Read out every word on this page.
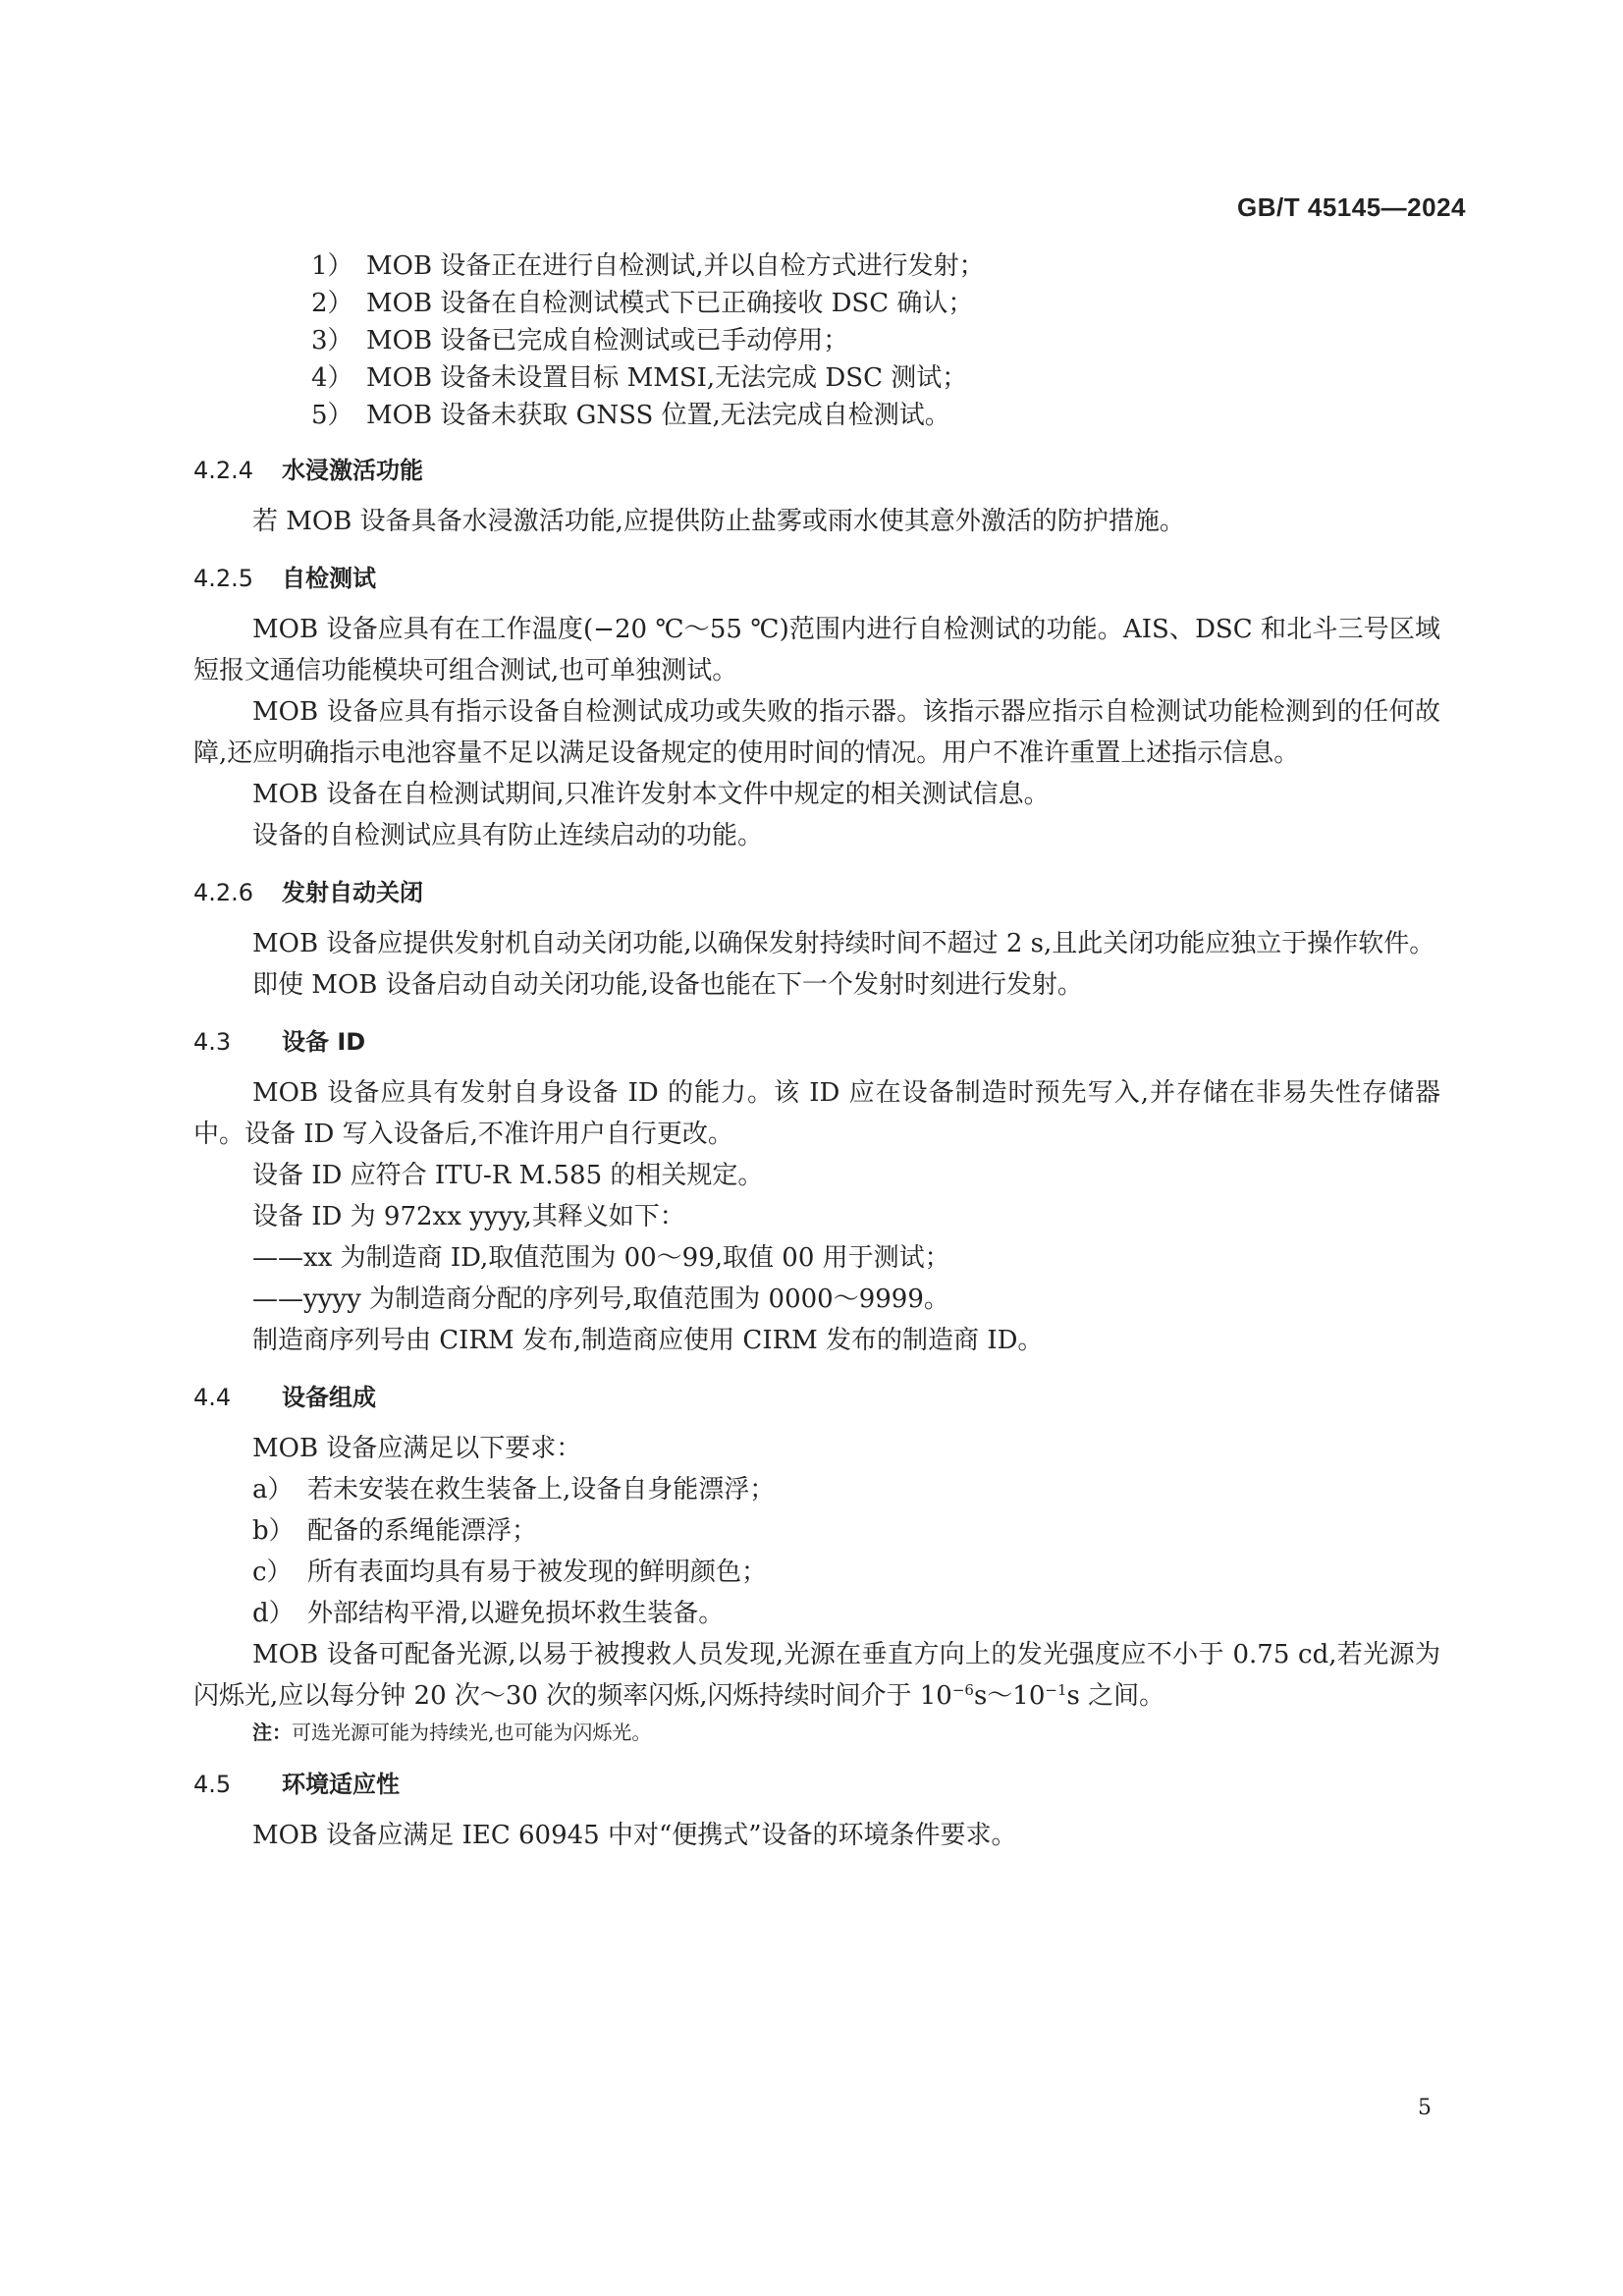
GB/T 45145—2024
1） MOB 设备正在进行自检测试,并以自检方式进行发射；
2） MOB 设备在自检测试模式下已正确接收 DSC 确认；
3） MOB 设备已完成自检测试或已手动停用；
4） MOB 设备未设置目标 MMSI,无法完成 DSC 测试；
5） MOB 设备未获取 GNSS 位置,无法完成自检测试。
4.2.4 水浸激活功能
若 MOB 设备具备水浸激活功能,应提供防止盐雾或雨水使其意外激活的防护措施。
4.2.5 自检测试
MOB 设备应具有在工作温度(−20 ℃～55 ℃)范围内进行自检测试的功能。AIS、DSC 和北斗三号区域短报文通信功能模块可组合测试,也可单独测试。
MOB 设备应具有指示设备自检测试成功或失败的指示器。该指示器应指示自检测试功能检测到的任何故障,还应明确指示电池容量不足以满足设备规定的使用时间的情况。用户不准许重置上述指示信息。
MOB 设备在自检测试期间,只准许发射本文件中规定的相关测试信息。
设备的自检测试应具有防止连续启动的功能。
4.2.6 发射自动关闭
MOB 设备应提供发射机自动关闭功能,以确保发射持续时间不超过 2 s,且此关闭功能应独立于操作软件。
即使 MOB 设备启动自动关闭功能,设备也能在下一个发射时刻进行发射。
4.3 设备 ID
MOB 设备应具有发射自身设备 ID 的能力。该 ID 应在设备制造时预先写入,并存储在非易失性存储器中。设备 ID 写入设备后,不准许用户自行更改。
设备 ID 应符合 ITU-R M.585 的相关规定。
设备 ID 为 972xx yyyy,其释义如下：
——xx 为制造商 ID,取值范围为 00～99,取值 00 用于测试；
——yyyy 为制造商分配的序列号,取值范围为 0000～9999。
制造商序列号由 CIRM 发布,制造商应使用 CIRM 发布的制造商 ID。
4.4 设备组成
MOB 设备应满足以下要求：
a） 若未安装在救生装备上,设备自身能漂浮；
b） 配备的系绳能漂浮；
c） 所有表面均具有易于被发现的鲜明颜色；
d） 外部结构平滑,以避免损坏救生装备。
MOB 设备可配备光源,以易于被搜救人员发现,光源在垂直方向上的发光强度应不小于 0.75 cd,若光源为闪烁光,应以每分钟 20 次～30 次的频率闪烁,闪烁持续时间介于 $10^{-6}s\sim 10^{-1}s$ 之间。
注：可选光源可能为持续光,也可能为闪烁光。
4.5 环境适应性
MOB 设备应满足 IEC 60945 中对“便携式”设备的环境条件要求。
5
